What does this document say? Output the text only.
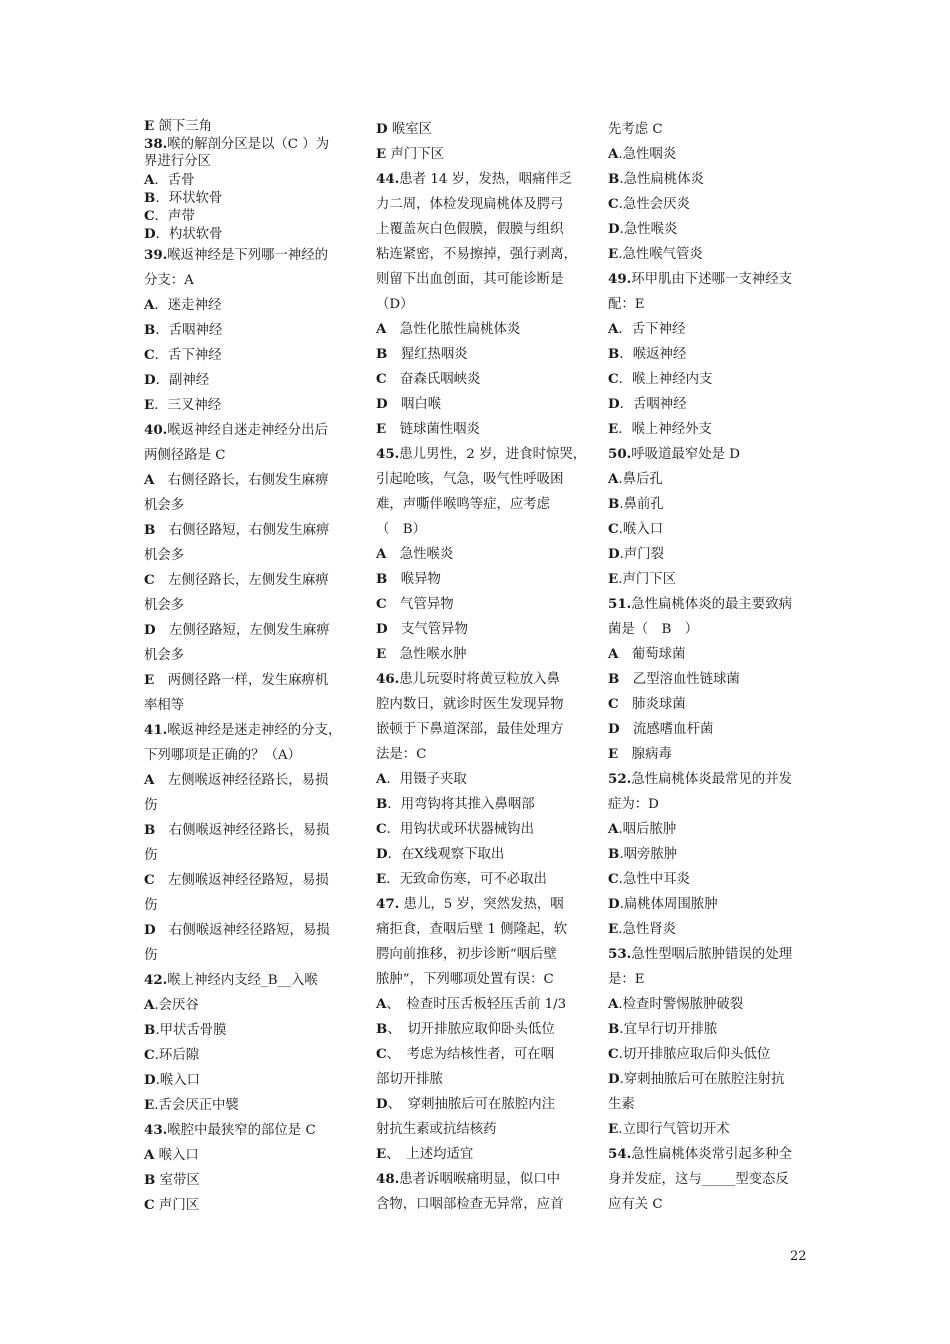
E 颌下三角
38.喉的解剖分区是以（C ）为
界进行分区
A．舌骨
B．环状软骨
C．声带
D．杓状软骨
39.喉返神经是下列哪一神经的
分支：A
A．迷走神经
B．舌咽神经
C．舌下神经
D．副神经
E．三叉神经
40.喉返神经自迷走神经分出后
两侧径路是 C
A　右侧径路长，右侧发生麻痹
机会多
B　右侧径路短，右侧发生麻痹
机会多
C　左侧径路长，左侧发生麻痹
机会多
D　左侧径路短，左侧发生麻痹
机会多
E　两侧径路一样，发生麻痹机
率相等
41.喉返神经是迷走神经的分支，
下列哪项是正确的？（A）
A　左侧喉返神经径路长，易损
伤
B　右侧喉返神经径路长，易损
伤
C　左侧喉返神经径路短，易损
伤
D　右侧喉返神经径路短，易损
伤
42.喉上神经内支经_B__入喉
A.会厌谷
B.甲状舌骨膜
C.环后隙
D.喉入口
E.舌会厌正中襞
43.喉腔中最狭窄的部位是 C
A 喉入口
B 室带区
C 声门区
D 喉室区
E 声门下区
44.患者 14 岁，发热，咽痛伴乏
力二周，体检发现扁桃体及腭弓
上覆盖灰白色假膜，假膜与组织
粘连紧密，不易擦掉，强行剥离，
则留下出血创面，其可能诊断是
（D）
A　急性化脓性扁桃体炎
B　猩红热咽炎
C　奋森氏咽峡炎
D　咽白喉
E　链球菌性咽炎
45.患儿男性，2 岁，进食时惊哭，
引起呛咳，气急，吸气性呼吸困
难，声嘶伴喉鸣等症，应考虑
（　B）
A　急性喉炎
B　喉异物
C　气管异物
D　支气管异物
E　急性喉水肿
46.患儿玩耍时将黄豆粒放入鼻
腔内数日，就诊时医生发现异物
嵌顿于下鼻道深部，最佳处理方
法是：C
A．用镊子夹取
B．用弯钩将其推入鼻咽部
C．用钩状或环状器械钩出
D．在X线观察下取出
E．无致命伤寒，可不必取出
47. 患儿，5 岁，突然发热，咽
痛拒食，查咽后壁 1 侧隆起，软
腭向前推移，初步诊断“咽后壁
脓肿”，下列哪项处置有误：C
A、　检查时压舌板轻压舌前 1/3
B、　切开排脓应取仰卧头低位
C、　考虑为结核性者，可在咽
部切开排脓
D、　穿刺抽脓后可在脓腔内注
射抗生素或抗结核药
E、　上述均适宜
48.患者诉咽喉痛明显，似口中
含物，口咽部检查无异常，应首
先考虑 C
A.急性咽炎
B.急性扁桃体炎
C.急性会厌炎
D.急性喉炎
E.急性喉气管炎
49.环甲肌由下述哪一支神经支
配：E
A．舌下神经
B．喉返神经
C．喉上神经内支
D．舌咽神经
E．喉上神经外支
50.呼吸道最窄处是 D
A.鼻后孔
B.鼻前孔
C.喉入口
D.声门裂
E.声门下区
51.急性扁桃体炎的最主要致病
菌是（　B　）
A　葡萄球菌
B　乙型溶血性链球菌
C　肺炎球菌
D　流感嗜血杆菌
E　腺病毒
52.急性扁桃体炎最常见的并发
症为：D
A.咽后脓肿
B.咽旁脓肿
C.急性中耳炎
D.扁桃体周围脓肿
E.急性肾炎
53.急性型咽后脓肿错误的处理
是：E
A.检查时警惕脓肿破裂
B.宜早行切开排脓
C.切开排脓应取后仰头低位
D.穿刺抽脓后可在脓腔注射抗
生素
E.立即行气管切开术
54.急性扁桃体炎常引起多种全
身并发症，这与_____型变态反
应有关 C
22
